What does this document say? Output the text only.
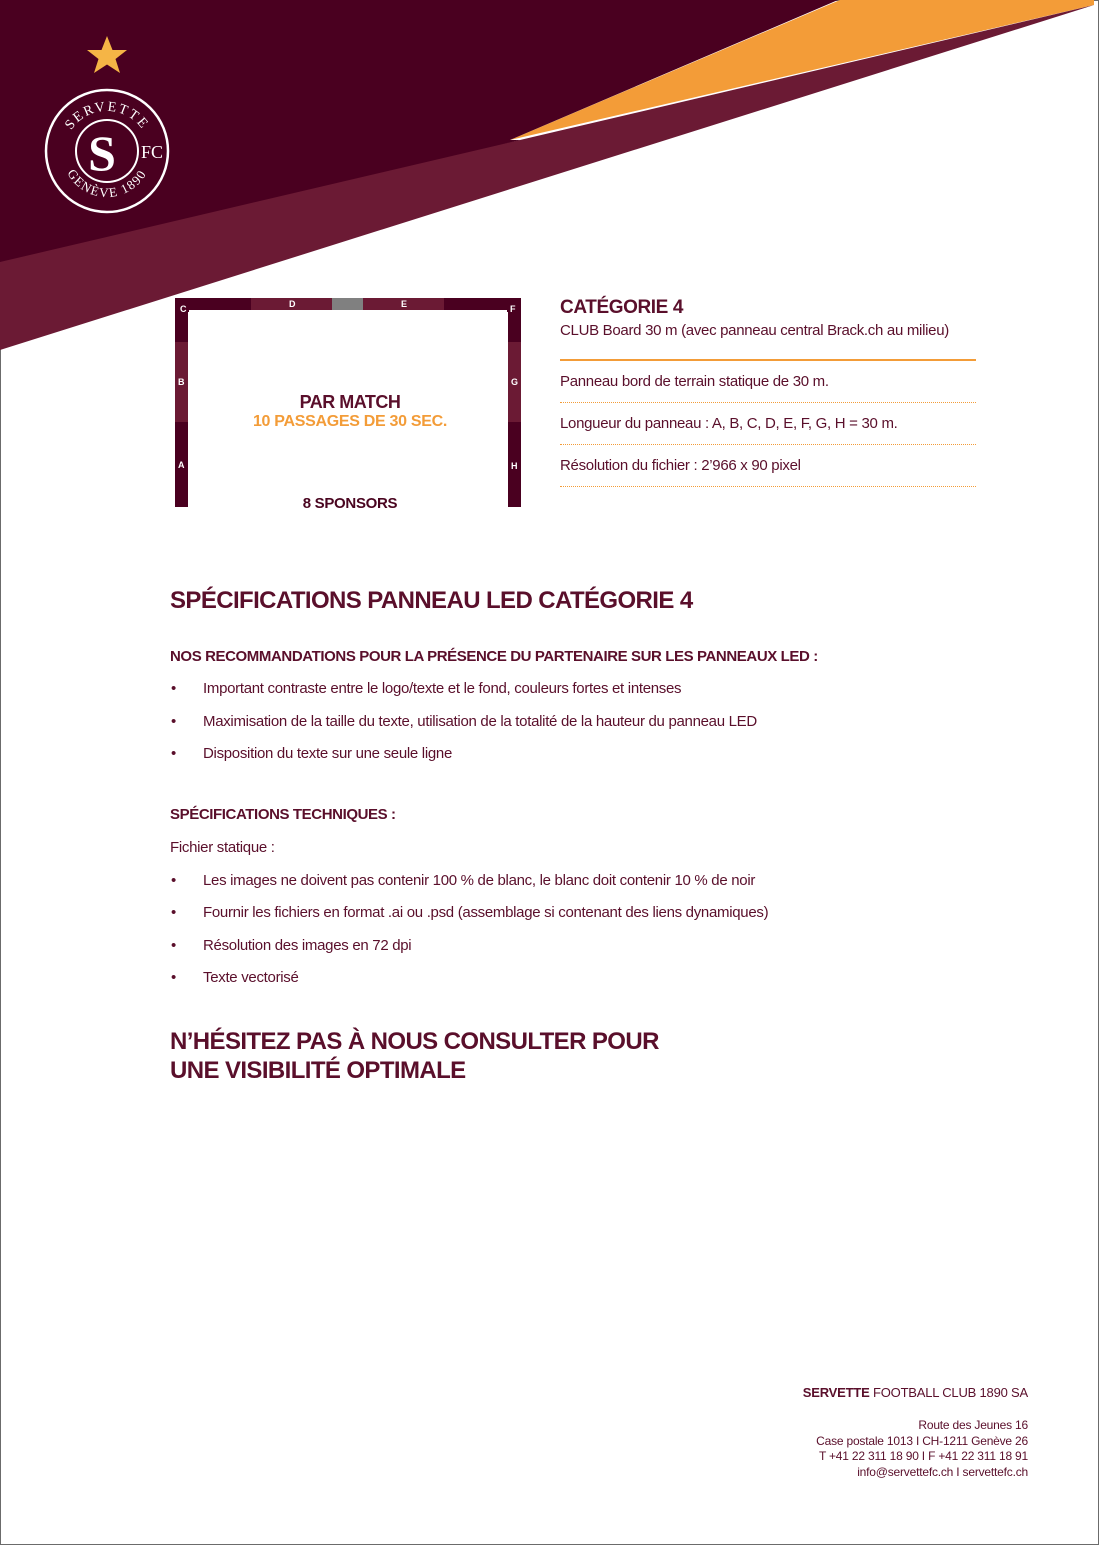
SERVETTE
GENÈVE 1890
S FC
C	D	E	F
B
A
G
H
PAR MATCH
10 PASSAGES DE 30 SEC.
8 SPONSORS
CATÉGORIE 4
CLUB Board 30 m (avec panneau central Brack.ch au milieu)
Panneau bord de terrain statique de 30 m.
Longueur du panneau : A, B, C, D, E, F, G, H = 30 m.
Résolution du fichier : 2’966 x 90 pixel
SPÉCIFICATIONS PANNEAU LED CATÉGORIE 4
NOS RECOMMANDATIONS POUR LA PRÉSENCE DU PARTENAIRE SUR LES PANNEAUX LED :
• Important contraste entre le logo/texte et le fond, couleurs fortes et intenses
• Maximisation de la taille du texte, utilisation de la totalité de la hauteur du panneau LED
• Disposition du texte sur une seule ligne
SPÉCIFICATIONS TECHNIQUES :
Fichier statique :
• Les images ne doivent pas contenir 100 % de blanc, le blanc doit contenir 10 % de noir
• Fournir les fichiers en format .ai ou .psd (assemblage si contenant des liens dynamiques)
• Résolution des images en 72 dpi
• Texte vectorisé
N’HÉSITEZ PAS À NOUS CONSULTER POUR
UNE VISIBILITÉ OPTIMALE
SERVETTE FOOTBALL CLUB 1890 SA
Route des Jeunes 16
Case postale 1013 I CH-1211 Genève 26
T +41 22 311 18 90 I F +41 22 311 18 91
info@servettefc.ch I servettefc.ch
